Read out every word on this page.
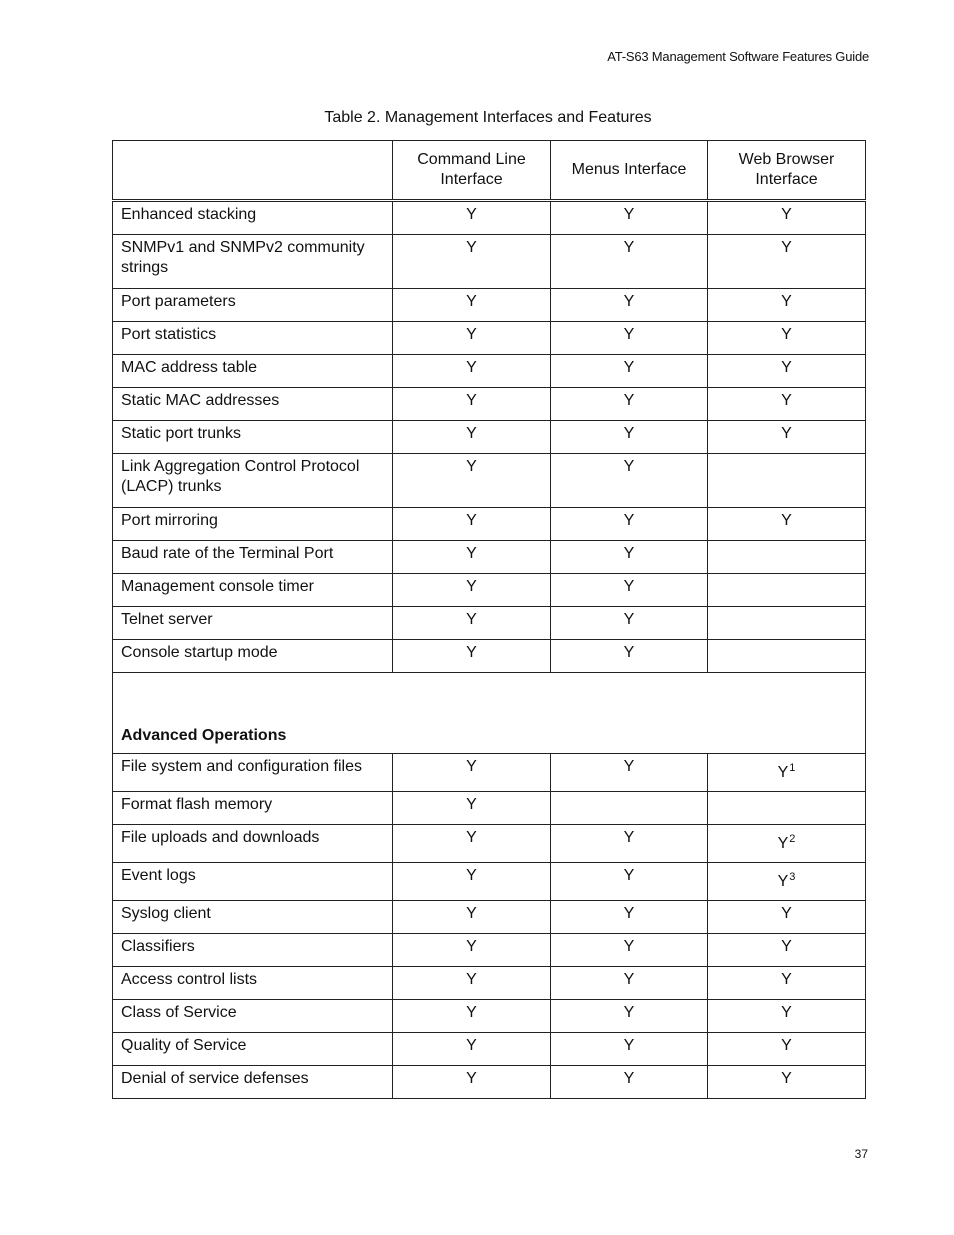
AT-S63 Management Software Features Guide
Table 2. Management Interfaces and Features
	Command Line Interface	Menus Interface	Web Browser Interface
Enhanced stacking	Y	Y	Y
SNMPv1 and SNMPv2 community strings	Y	Y	Y
Port parameters	Y	Y	Y
Port statistics	Y	Y	Y
MAC address table	Y	Y	Y
Static MAC addresses	Y	Y	Y
Static port trunks	Y	Y	Y
Link Aggregation Control Protocol (LACP) trunks	Y	Y	
Port mirroring	Y	Y	Y
Baud rate of the Terminal Port	Y	Y	
Management console timer	Y	Y	
Telnet server	Y	Y	
Console startup mode	Y	Y	
Advanced Operations			
File system and configuration files	Y	Y	Y$^1$
Format flash memory	Y		
File uploads and downloads	Y	Y	Y$^2$
Event logs	Y	Y	Y$^3$
Syslog client	Y	Y	Y
Classifiers	Y	Y	Y
Access control lists	Y	Y	Y
Class of Service	Y	Y	Y
Quality of Service	Y	Y	Y
Denial of service defenses	Y	Y	Y
37
